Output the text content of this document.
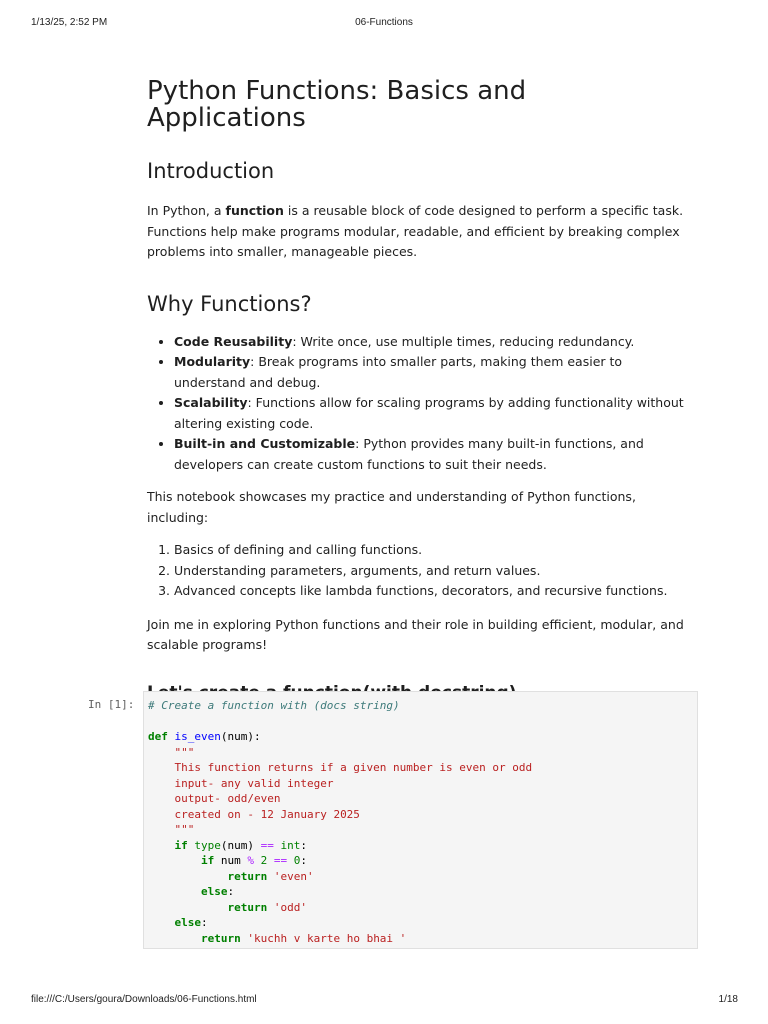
1/13/25, 2:52 PM	06-Functions
Python Functions: Basics and Applications
Introduction

In Python, a function is a reusable block of code designed to perform a specific task. Functions help make programs modular, readable, and efficient by breaking complex problems into smaller, manageable pieces.

Why Functions?
• Code Reusability: Write once, use multiple times, reducing redundancy.
• Modularity: Break programs into smaller parts, making them easier to understand and debug.
• Scalability: Functions allow for scaling programs by adding functionality without altering existing code.
• Built-in and Customizable: Python provides many built-in functions, and developers can create custom functions to suit their needs.

This notebook showcases my practice and understanding of Python functions, including:

1. Basics of defining and calling functions.
2. Understanding parameters, arguments, and return values.
3. Advanced concepts like lambda functions, decorators, and recursive functions.

Join me in exploring Python functions and their role in building efficient, modular, and scalable programs!

In [1]:	# Create a function with (docs string)

def is_even(num):
"""
This function returns if a given number is even or odd
input- any valid integer
output- odd/even
created on - 12 January 2025
"""
if type(num) == int:
if num % 2 == 0:
return 'even'
else:
return 'odd'
else:
return 'kuchh v karte ho bhai '
file:///C:/Users/goura/Downloads/06-Functions.html	1/18
